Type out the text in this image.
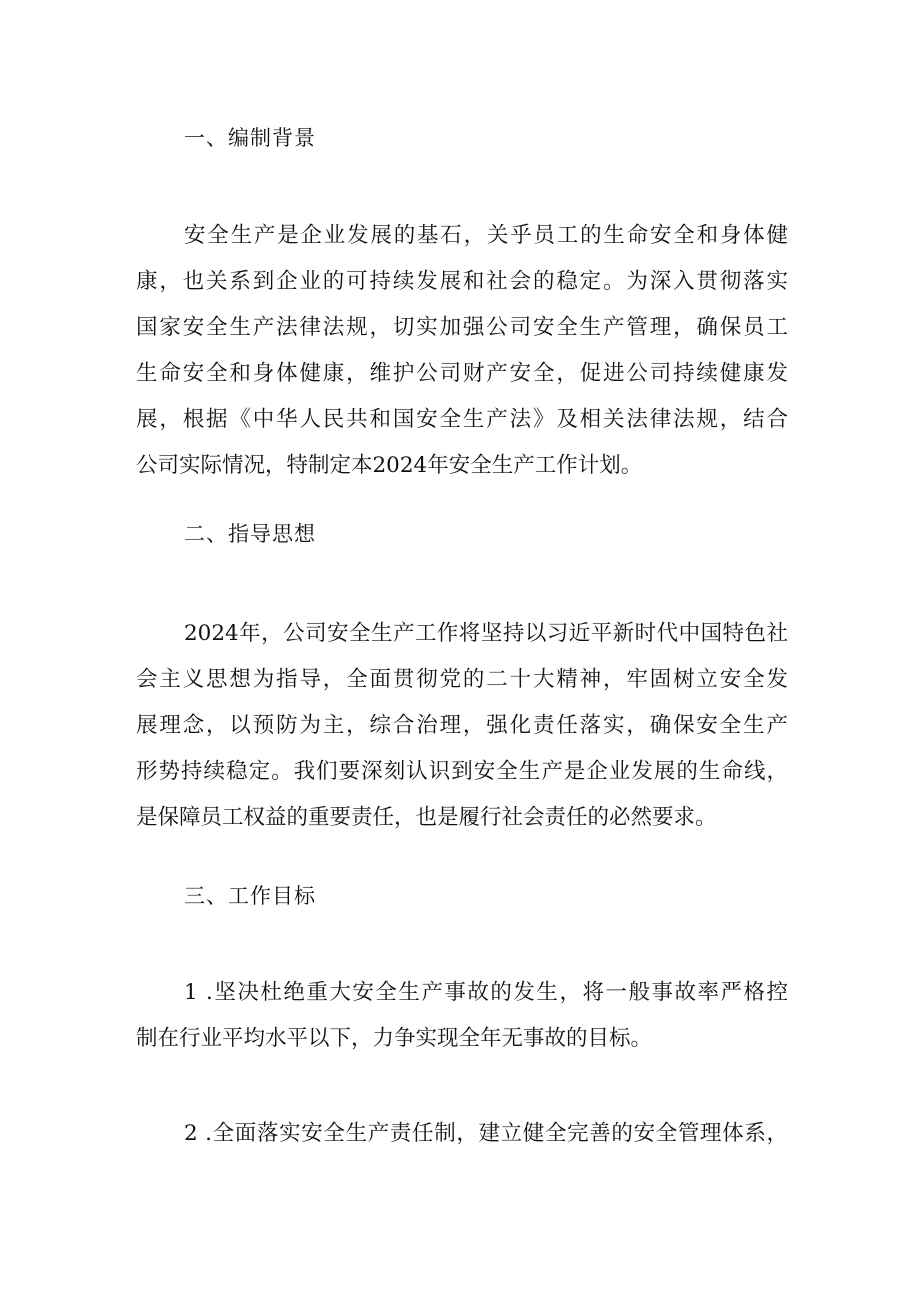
一、编制背景
安全生产是企业发展的基石，关乎员工的生命安全和身体健
康，也关系到企业的可持续发展和社会的稳定。为深入贯彻落实
国家安全生产法律法规，切实加强公司安全生产管理，确保员工
生命安全和身体健康，维护公司财产安全，促进公司持续健康发
展，根据《中华人民共和国安全生产法》及相关法律法规，结合
公司实际情况，特制定本2024年安全生产工作计划。
二、指导思想
2024年，公司安全生产工作将坚持以习近平新时代中国特色社
会主义思想为指导，全面贯彻党的二十大精神，牢固树立安全发
展理念，以预防为主，综合治理，强化责任落实，确保安全生产
形势持续稳定。我们要深刻认识到安全生产是企业发展的生命线，
是保障员工权益的重要责任，也是履行社会责任的必然要求。
三、工作目标
1 .坚决杜绝重大安全生产事故的发生，将一般事故率严格控
制在行业平均水平以下，力争实现全年无事故的目标。
2 .全面落实安全生产责任制，建立健全完善的安全管理体系，
